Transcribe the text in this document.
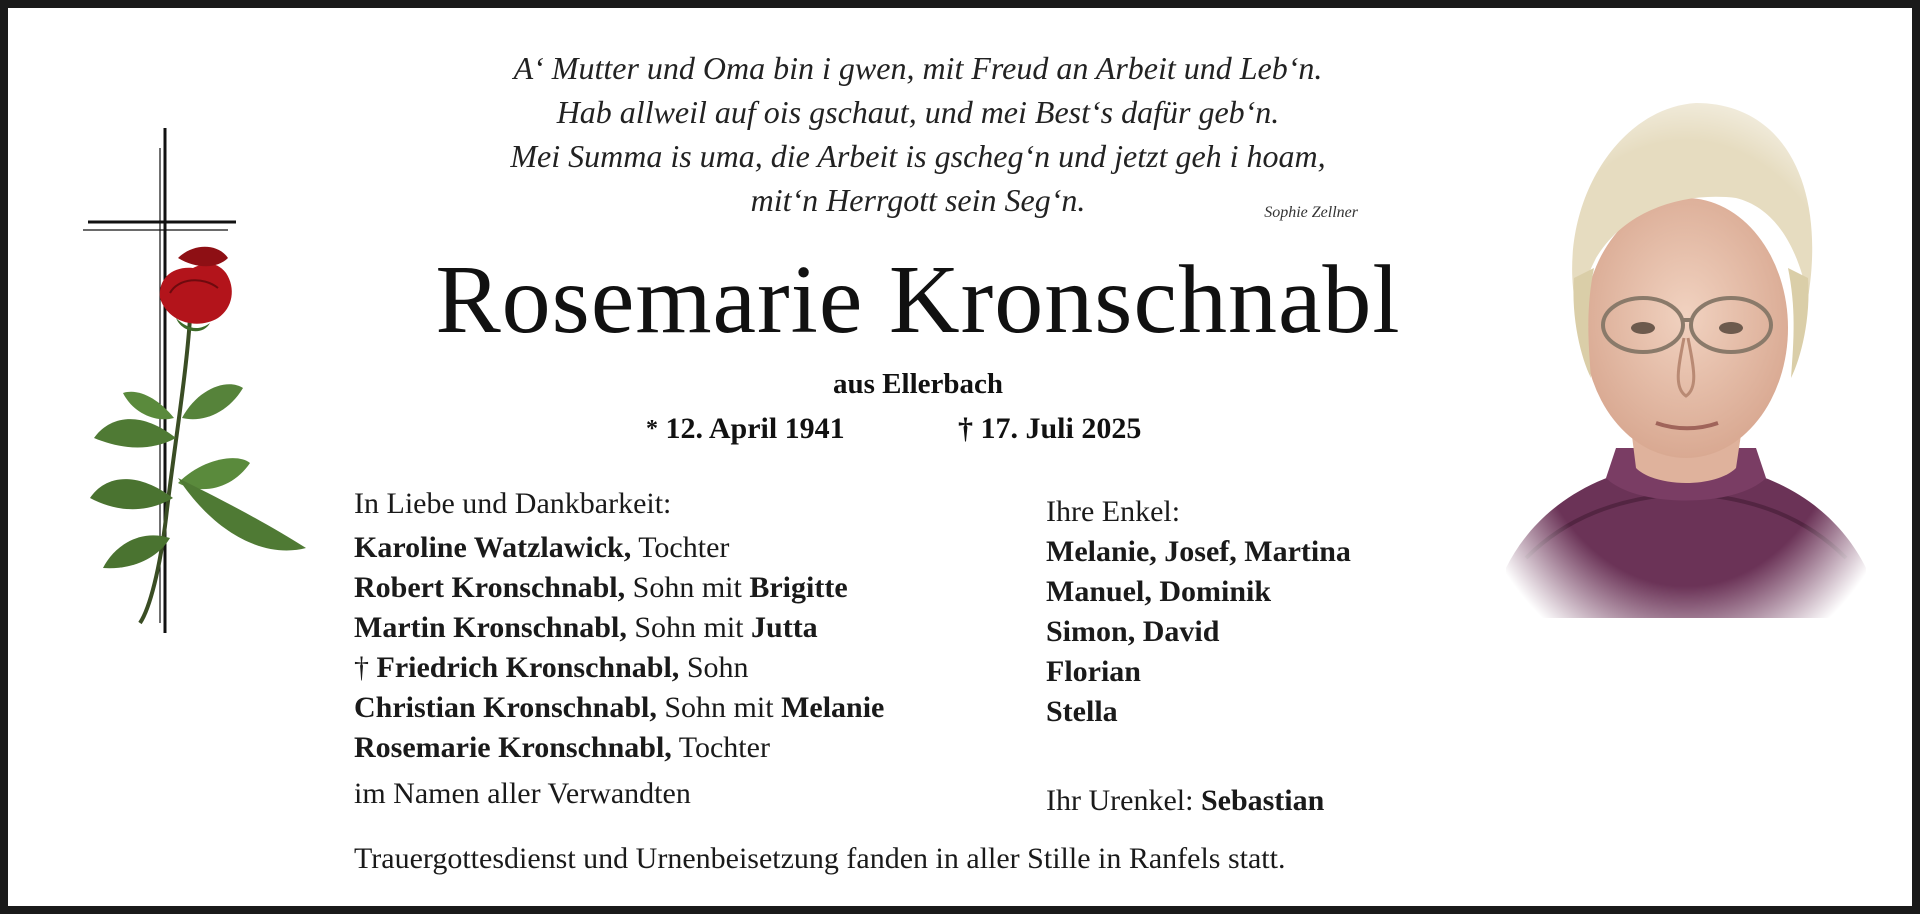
A‘ Mutter und Oma bin i gwen, mit Freud an Arbeit und Leb‘n.
Hab allweil auf ois gschaut, und mei Best‘s dafür geb‘n.
Mei Summa is uma, die Arbeit is gscheg‘n und jetzt geh i hoam,
mit‘n Herrgott sein Seg‘n.	Sophie Zellner
Rosemarie Kronschnabl
aus Ellerbach
* 12. April 1941	† 17. Juli 2025
In Liebe und Dankbarkeit:
Karoline Watzlawick, Tochter
Robert Kronschnabl, Sohn mit Brigitte
Martin Kronschnabl, Sohn mit Jutta
† Friedrich Kronschnabl, Sohn
Christian Kronschnabl, Sohn mit Melanie
Rosemarie Kronschnabl, Tochter
im Namen aller Verwandten
Ihre Enkel:
Melanie, Josef, Martina
Manuel, Dominik
Simon, David
Florian
Stella
Ihr Urenkel: Sebastian
Trauergottesdienst und Urnenbeisetzung fanden in aller Stille in Ranfels statt.
